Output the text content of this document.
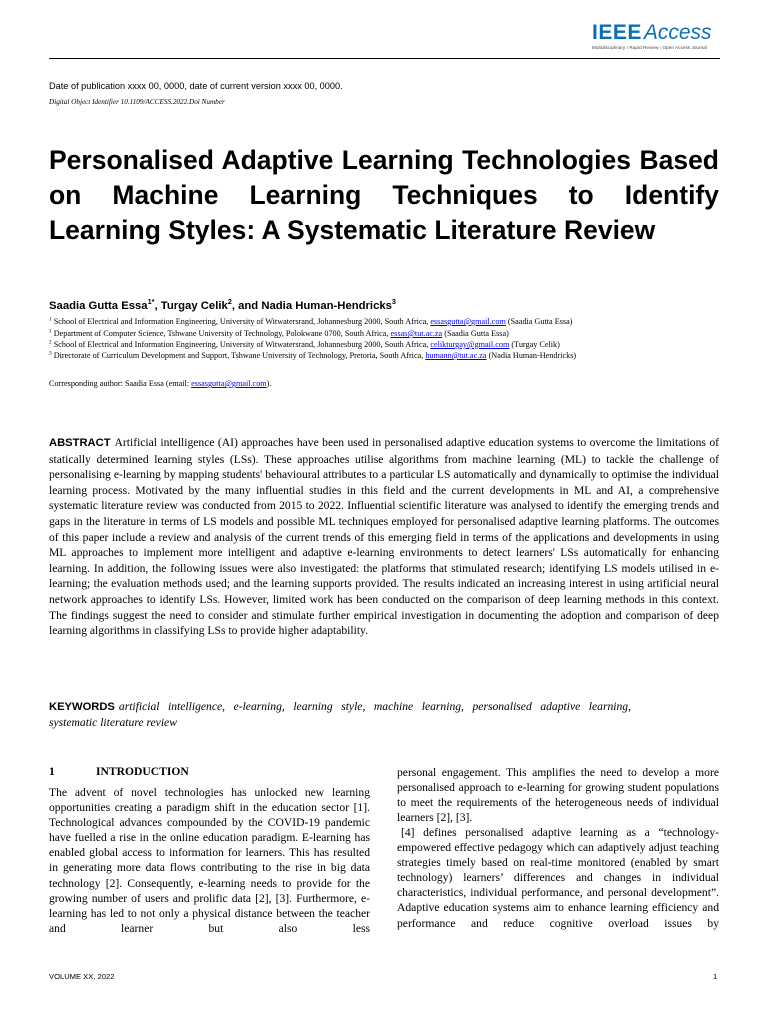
IEEEAccess
Multidisciplinary ⁝ Rapid Review ⁝ Open Access Journal
Date of publication xxxx 00, 0000, date of current version xxxx 00, 0000.
Digital Object Identifier 10.1109/ACCESS.2022.Doi Number
Personalised Adaptive Learning Technologies Based on Machine Learning Techniques to Identify Learning Styles: A Systematic Literature Review
Saadia Gutta Essa$^{1*}$, Turgay Celik$^2$, and Nadia Human-Hendricks$^3$
$^1$ School of Electrical and Information Engineering, University of Witwatersrand, Johannesburg 2000, South Africa, essasgutta@gmail.com (Saadia Gutta Essa)
$^1$ Department of Computer Science, Tshwane University of Technology, Polokwane 0700, South Africa, essas@tut.ac.za (Saadia Gutta Essa)
$^2$ School of Electrical and Information Engineering, University of Witwatersrand, Johannesburg 2000, South Africa, celikturgay@gmail.com (Turgay Celik)
$^3$ Directorate of Curriculum Development and Support, Tshwane University of Technology, Pretoria, South Africa, humann@tut.ac.za (Nadia Human-Hendricks)
Corresponding author: Saadia Essa (email: essasgutta@gmail.com).

ABSTRACT Artificial intelligence (AI) approaches have been used in personalised adaptive education systems to overcome the limitations of statically determined learning styles (LSs). These approaches utilise algorithms from machine learning (ML) to tackle the challenge of personalising e-learning by mapping students' behavioural attributes to a particular LS automatically and dynamically to optimise the individual learning process. Motivated by the many influential studies in this field and the current developments in ML and AI, a comprehensive systematic literature review was conducted from 2015 to 2022. Influential scientific literature was analysed to identify the emerging trends and gaps in the literature in terms of LS models and possible ML techniques employed for personalised adaptive learning platforms. The outcomes of this paper include a review and analysis of the current trends of this emerging field in terms of the applications and developments in using ML approaches to implement more intelligent and adaptive e-learning environments to detect learners' LSs automatically for enhancing learning. In addition, the following issues were also investigated: the platforms that stimulated research; identifying LS models utilised in e-learning; the evaluation methods used; and the learning supports provided. The results indicated an increasing interest in using artificial neural network approaches to identify LSs. However, limited work has been conducted on the comparison of deep learning methods in this context. The findings suggest the need to consider and stimulate further empirical investigation in documenting the adoption and comparison of deep learning algorithms in classifying LSs to provide higher adaptability.

KEYWORDS artificial intelligence, e-learning, learning style, machine learning, personalised adaptive learning, systematic literature review

1	INTRODUCTION

The advent of novel technologies has unlocked new learning opportunities creating a paradigm shift in the education sector [1]. Technological advances compounded by the COVID-19 pandemic have fuelled a rise in the online education paradigm. E-learning has enabled global access to information for learners. This has resulted in generating more data flows contributing to the rise in big data technology [2]. Consequently, e-learning needs to provide for the growing number of users and prolific data [2], [3]. Furthermore, e-learning has led to not only a physical distance between the teacher and learner but also less

personal engagement. This amplifies the need to develop a more personalised approach to e-learning for growing student populations to meet the requirements of the heterogeneous needs of individual learners [2], [3].

[4] defines personalised adaptive learning as a “technology-empowered effective pedagogy which can adaptively adjust teaching strategies timely based on real-time monitored (enabled by smart technology) learners’ differences and changes in individual characteristics, individual performance, and personal development”. Adaptive education systems aim to enhance learning efficiency and performance and reduce cognitive overload issues by

VOLUME XX, 2022	1
